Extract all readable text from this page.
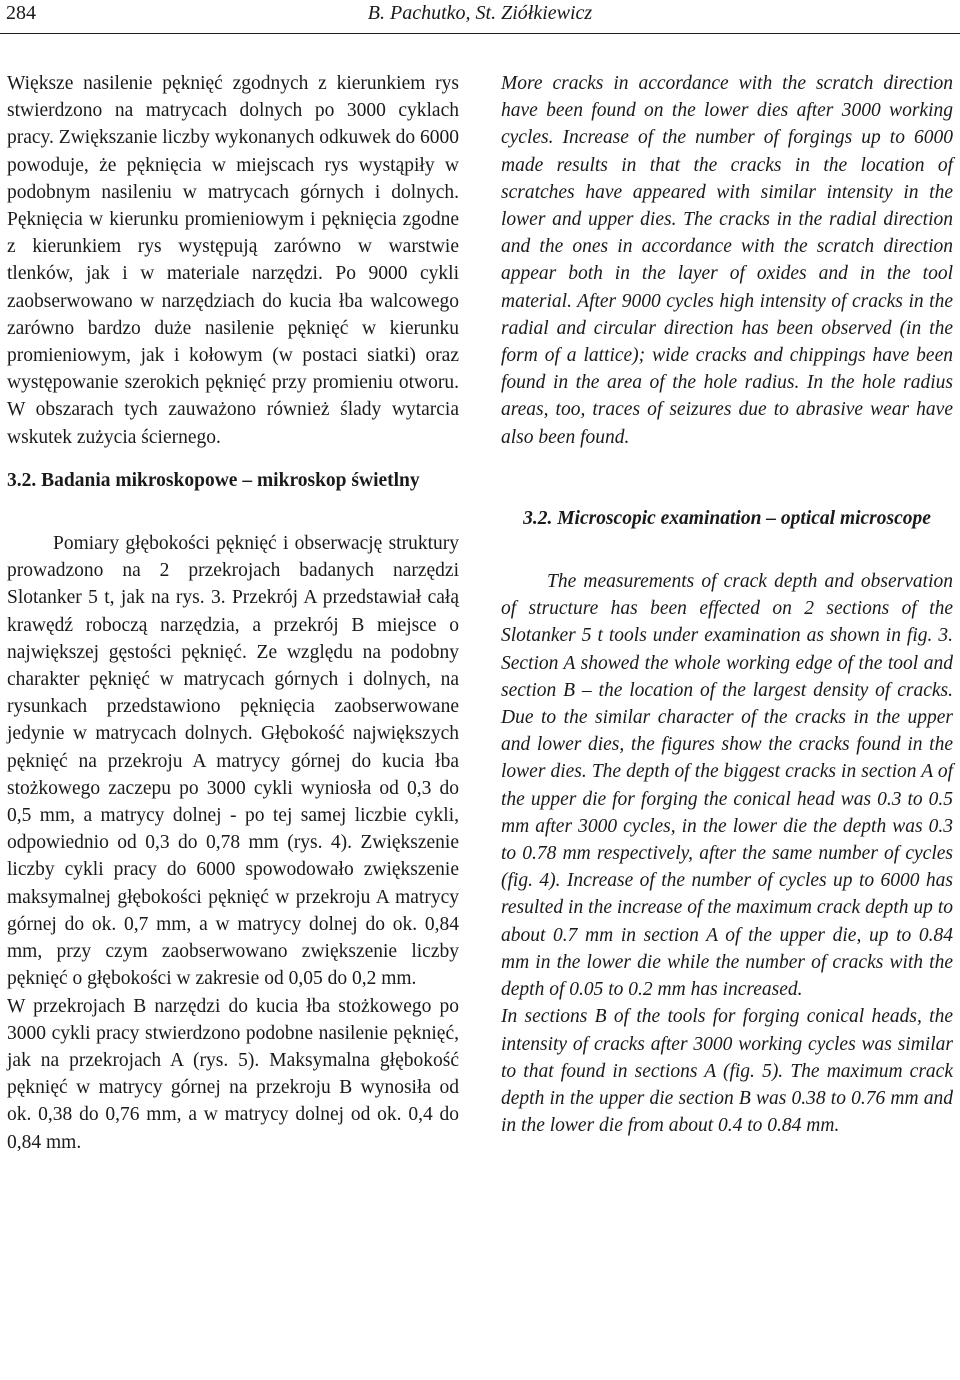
284	B. Pachutko, St. Ziółkiewicz

Większe nasilenie pęknięć zgodnych z kierunkiem rys stwierdzono na matrycach dolnych po 3000 cyklach pracy. Zwiększanie liczby wykonanych odkuwek do 6000 powoduje, że pęknięcia w miejscach rys wystąpiły w podobnym nasileniu w matrycach górnych i dolnych. Pęknięcia w kierunku promieniowym i pęknięcia zgodne z kierunkiem rys występują zarówno w warstwie tlenków, jak i w materiale narzędzi. Po 9000 cykli zaobserwowano w narzędziach do kucia łba walcowego zarówno bardzo duże nasilenie pęknięć w kierunku promieniowym, jak i kołowym (w postaci siatki) oraz występowanie szerokich pęknięć przy promieniu otworu. W obszarach tych zauważono również ślady wytarcia wskutek zużycia ściernego.

3.2. Badania mikroskopowe – mikroskop świetlny

Pomiary głębokości pęknięć i obserwację struktury prowadzono na 2 przekrojach badanych narzędzi Slotanker 5 t, jak na rys. 3. Przekrój A przedstawiał całą krawędź roboczą narzędzia, a przekrój B miejsce o największej gęstości pęknięć. Ze względu na podobny charakter pęknięć w matrycach górnych i dolnych, na rysunkach przedstawiono pęknięcia zaobserwowane jedynie w matrycach dolnych. Głębokość największych pęknięć na przekroju A matrycy górnej do kucia łba stożkowego zaczepu po 3000 cykli wyniosła od 0,3 do 0,5 mm, a matrycy dolnej - po tej samej liczbie cykli, odpowiednio od 0,3 do 0,78 mm (rys. 4). Zwiększenie liczby cykli pracy do 6000 spowodowało zwiększenie maksymalnej głębokości pęknięć w przekroju A matrycy górnej do ok. 0,7 mm, a w matrycy dolnej do ok. 0,84 mm, przy czym zaobserwowano zwiększenie liczby pęknięć o głębokości w zakresie od 0,05 do 0,2 mm.

W przekrojach B narzędzi do kucia łba stożkowego po 3000 cykli pracy stwierdzono podobne nasilenie pęknięć, jak na przekrojach A (rys. 5). Maksymalna głębokość pęknięć w matrycy górnej na przekroju B wynosiła od ok. 0,38 do 0,76 mm, a w matrycy dolnej od ok. 0,4 do 0,84 mm.

More cracks in accordance with the scratch direction have been found on the lower dies after 3000 working cycles. Increase of the number of forgings up to 6000 made results in that the cracks in the location of scratches have appeared with similar intensity in the lower and upper dies. The cracks in the radial direction and the ones in accordance with the scratch direction appear both in the layer of oxides and in the tool material. After 9000 cycles high intensity of cracks in the radial and circular direction has been observed (in the form of a lattice); wide cracks and chippings have been found in the area of the hole radius. In the hole radius areas, too, traces of seizures due to abrasive wear have also been found.

3.2. Microscopic examination – optical microscope

The measurements of crack depth and observation of structure has been effected on 2 sections of the Slotanker 5 t tools under examination as shown in fig. 3. Section A showed the whole working edge of the tool and section B – the location of the largest density of cracks. Due to the similar character of the cracks in the upper and lower dies, the figures show the cracks found in the lower dies. The depth of the biggest cracks in section A of the upper die for forging the conical head was 0.3 to 0.5 mm after 3000 cycles, in the lower die the depth was 0.3 to 0.78 mm respectively, after the same number of cycles (fig. 4). Increase of the number of cycles up to 6000 has resulted in the increase of the maximum crack depth up to about 0.7 mm in section A of the upper die, up to 0.84 mm in the lower die while the number of cracks with the depth of 0.05 to 0.2 mm has increased.

In sections B of the tools for forging conical heads, the intensity of cracks after 3000 working cycles was similar to that found in sections A (fig. 5). The maximum crack depth in the upper die section B was 0.38 to 0.76 mm and in the lower die from about 0.4 to 0.84 mm.
